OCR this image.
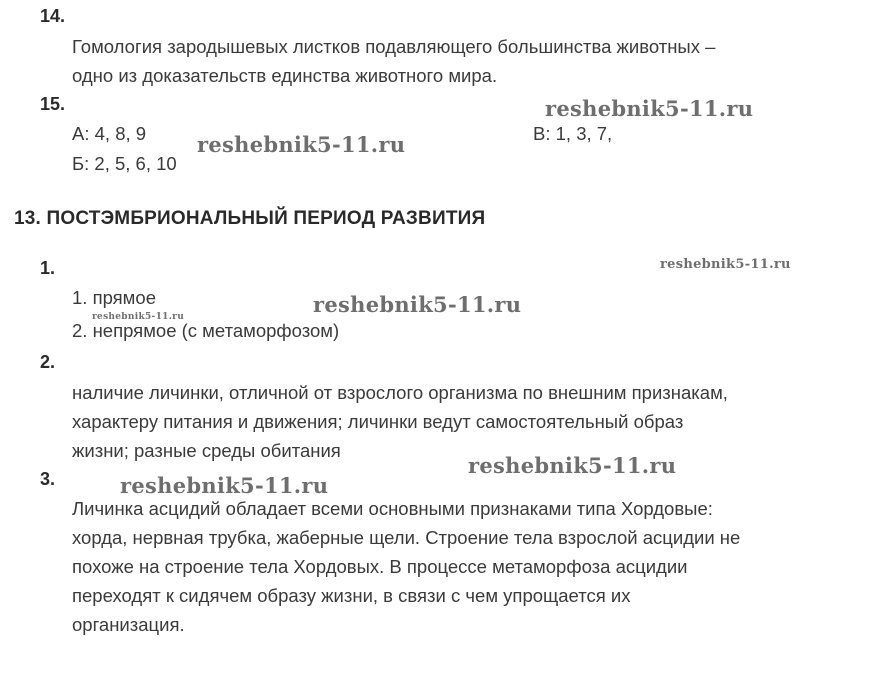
14.
Гомология зародышевых листков подавляющего большинства животных –
одно из доказательств единства животного мира.
15.
А: 4, 8, 9
Б: 2, 5, 6, 10
В: 1, 3, 7,
13. ПОСТЭМБРИОНАЛЬНЫЙ ПЕРИОД РАЗВИТИЯ
1.
1. прямое
2. непрямое (с метаморфозом)
2.
наличие личинки, отличной от взрослого организма по внешним признакам,
характеру питания и движения; личинки ведут самостоятельный образ
жизни; разные среды обитания
3.
Личинка асцидий обладает всеми основными признаками типа Хордовые:
хорда, нервная трубка, жаберные щели. Строение тела взрослой асцидии не
похоже на строение тела Хордовых. В процессе метаморфоза асцидии
переходят к сидячем образу жизни, в связи с чем упрощается их
организация.
reshebnik5-11.ru
reshebnik5-11.ru
reshebnik5-11.ru
reshebnik5-11.ru
reshebnik5-11.ru
reshebnik5-11.ru
reshebnik5-11.ru
